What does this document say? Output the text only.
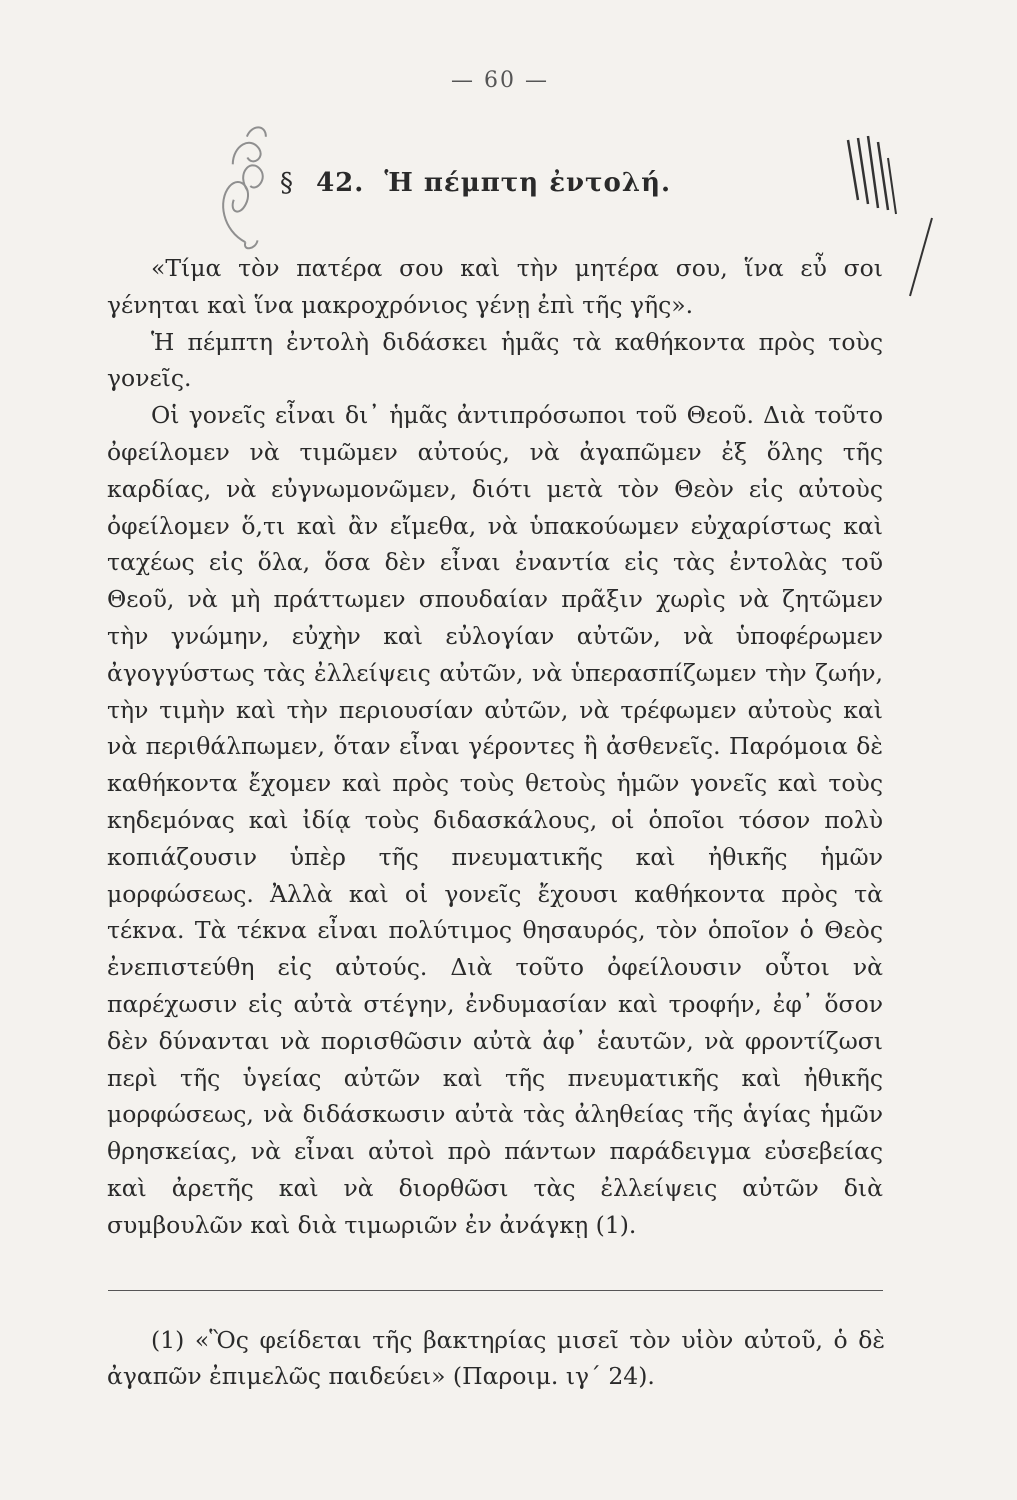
— 60 —
§ 42. Ἡ πέμπτη ἐντολή.

«Τίμα τὸν πατέρα σου καὶ τὴν μητέρα σου, ἵνα εὖ σοι γένηται καὶ ἵνα μακροχρόνιος γένῃ ἐπὶ τῆς γῆς».

Ἡ πέμπτη ἐντολὴ διδάσκει ἡμᾶς τὰ καθήκοντα πρὸς τοὺς γονεῖς.

Οἱ γονεῖς εἶναι δι᾽ ἡμᾶς ἀντιπρόσωποι τοῦ Θεοῦ. Διὰ τοῦτο ὀφείλομεν νὰ τιμῶμεν αὐτούς, νὰ ἀγαπῶμεν ἐξ ὅλης τῆς καρδίας, νὰ εὐγνωμονῶμεν, διότι μετὰ τὸν Θεὸν εἰς αὐτοὺς ὀφείλομεν ὅ,τι καὶ ἂν εἴμεθα, νὰ ὑπακούωμεν εὐχαρίστως καὶ ταχέως εἰς ὅλα, ὅσα δὲν εἶναι ἐναντία εἰς τὰς ἐντολὰς τοῦ Θεοῦ, νὰ μὴ πράττωμεν σπουδαίαν πρᾶξιν χωρὶς νὰ ζητῶμεν τὴν γνώμην, εὐχὴν καὶ εὐλογίαν αὐτῶν, νὰ ὑποφέρωμεν ἀγογγύστως τὰς ἐλλείψεις αὐτῶν, νὰ ὑπερασπίζωμεν τὴν ζωήν, τὴν τιμὴν καὶ τὴν περιουσίαν αὐτῶν, νὰ τρέφωμεν αὐτοὺς καὶ νὰ περιθάλπωμεν, ὅταν εἶναι γέροντες ἢ ἀσθενεῖς. Παρόμοια δὲ καθήκοντα ἔχομεν καὶ πρὸς τοὺς θετοὺς ἡμῶν γονεῖς καὶ τοὺς κηδεμόνας καὶ ἰδίᾳ τοὺς διδασκάλους, οἱ ὁποῖοι τόσον πολὺ κοπιάζουσιν ὑπὲρ τῆς πνευματικῆς καὶ ἠθικῆς ἡμῶν μορφώσεως. Ἀλλὰ καὶ οἱ γονεῖς ἔχουσι καθήκοντα πρὸς τὰ τέκνα. Τὰ τέκνα εἶναι πολύτιμος θησαυρός, τὸν ὁποῖον ὁ Θεὸς ἐνεπιστεύθη εἰς αὐτούς. Διὰ τοῦτο ὀφείλουσιν οὗτοι νὰ παρέχωσιν εἰς αὐτὰ στέγην, ἐνδυμασίαν καὶ τροφήν, ἐφ᾽ ὅσον δὲν δύνανται νὰ πορισθῶσιν αὐτὰ ἀφ᾽ ἑαυτῶν, νὰ φροντίζωσι περὶ τῆς ὑγείας αὐτῶν καὶ τῆς πνευματικῆς καὶ ἠθικῆς μορφώσεως, νὰ διδάσκωσιν αὐτὰ τὰς ἀληθείας τῆς ἁγίας ἡμῶν θρησκείας, νὰ εἶναι αὐτοὶ πρὸ πάντων παράδειγμα εὐσεβείας καὶ ἀρετῆς καὶ νὰ διορθῶσι τὰς ἐλλείψεις αὐτῶν διὰ συμβουλῶν καὶ διὰ τιμωριῶν ἐν ἀνάγκῃ (1).

(1) «Ὃς φείδεται τῆς βακτηρίας μισεῖ τὸν υἱὸν αὐτοῦ, ὁ δὲ ἀγαπῶν ἐπιμελῶς παιδεύει» (Παροιμ. ιγ´ 24).
